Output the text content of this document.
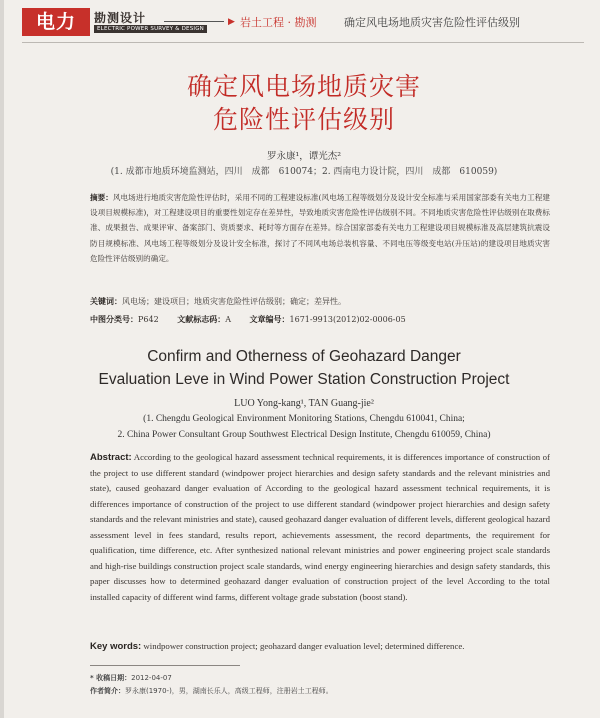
电力	勘测设计
ELECTRIC POWER SURVEY & DESIGN
▶ 岩土工程 · 勘测	确定风电场地质灾害危险性评估级别
确定风电场地质灾害
危险性评估级别
罗永康¹，谭光杰²
(1. 成都市地质环境监测站，四川　成都　610074；2. 西南电力设计院，四川　成都　610059)
摘要：风电场进行地质灾害危险性评估时，采用不同的工程建设标准(风电场工程等级划分及设计安全标准与采用国家部委有关电力工程建设项目规模标准)，对工程建设项目的重要性划定存在差异性，导致地质灾害危险性评估级别不同。不同地质灾害危险性评估级别在取费标准、成果报告、成果评审、备案部门、资质要求、耗时等方面存在差异。综合国家部委有关电力工程建设项目规模标准及高层建筑抗震设防目规模标准、风电场工程等级划分及设计安全标准，探讨了不同风电场总装机容量、不同电压等级变电站(升压站)的建设项目地质灾害危险性评估级别的确定。
关键词：风电场；建设项目；地质灾害危险性评估级别；确定；差异性。
中图分类号：P642 文献标志码：A 文章编号：1671-9913(2012)02-0006-05
Confirm and Otherness of Geohazard Danger
Evaluation Leve in Wind Power Station Construction Project
LUO Yong-kang¹, TAN Guang-jie²
(1. Chengdu Geological Environment Monitoring Stations, Chengdu 610041, China;
2. China Power Consultant Group Southwest Electrical Design Institute, Chengdu 610059, China)
Abstract: According to the geological hazard assessment technical requirements, it is differences importance of construction of the project to use different standard (windpower project hierarchies and design safety standards and the relevant ministries and state), caused geohazard danger evaluation of According to the geological hazard assessment technical requirements, it is differences importance of construction of the project to use different standard (windpower project hierarchies and design safety standards and the relevant ministries and state), caused geohazard danger evaluation of different levels, different geological hazard assessment level in fees standard, results report, achievements assessment, the record departments, the requirement for qualification, time difference, etc. After synthesized national relevant ministries and power engineering project scale standards and high-rise buildings construction project scale standards, wind energy engineering hierarchies and design safety standards, this paper discusses how to determined geohazard danger evaluation of construction project of the level According to the total installed capacity of different wind farms, different voltage grade substation (boost stand).
Key words: windpower construction project; geohazard danger evaluation level; determined difference.
* 收稿日期：2012-04-07
作者简介：罗永康(1970-)，男，湖南长乐人，高级工程师，注册岩土工程师。
